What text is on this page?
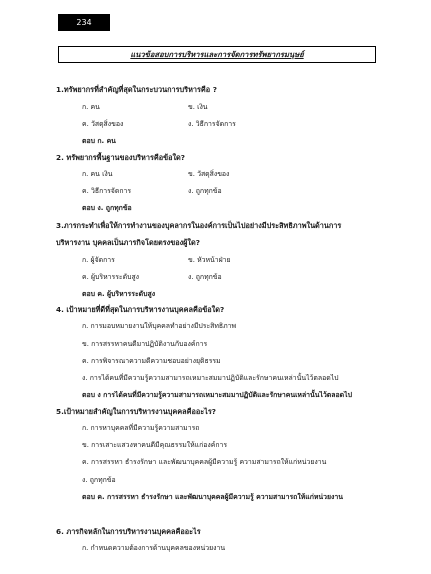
234
แนวข้อสอบการบริหารและการจัดการทรัพยากรมนุษย์
1.ทรัพยากรที่สำคัญที่สุดในกระบวนการบริหารคือ ?
ก. คน	ข. เงิน
ค. วัสดุสิ่งของ	ง. วิธีการจัดการ
ตอบ ก. คน
2. ทรัพยากรพื้นฐานของบริหารคือข้อใด?
ก. คน เงิน	ข. วัสดุสิ่งของ
ค. วิธีการจัดการ	ง. ถูกทุกข้อ
ตอบ ง. ถูกทุกข้อ
3.ภารกระทำเพื่อให้การทำงานของบุคลากรในองค์การเป็นไปอย่างมีประสิทธิภาพในด้านการ
บริหารงาน บุคคลเป็นภารกิจโดยตรงของผู้ใด?
ก. ผู้จัดการ	ข. หัวหน้าฝ่าย
ค. ผู้บริหารระดับสูง	ง. ถูกทุกข้อ
ตอบ ค. ผู้บริหารระดับสูง
4. เป้าหมายที่ดีที่สุดในการบริหารงานบุคคลคือข้อใด?
ก. การมอบหมายงานให้บุคคลทำอย่างมีประสิทธิภาพ
ข. การสรรหาคนดีมาปฏิบัติงานกับองค์การ
ค. การพิจารณาความดีความชอบอย่างยุติธรรม
ง. การได้คนที่มีความรู้ความสามารถเหมาะสมมาปฏิบัติและรักษาคนเหล่านั้นไว้ตลอดไป
ตอบ ง การได้คนที่มีความรู้ความสามารถเหมาะสมมาปฏิบัติและรักษาคนเหล่านั้นไว้ตลอดไป
5.เป้าหมายสำคัญในการบริหารงานบุคคลคืออะไร?
ก. การหาบุคคลที่มีความรู้ความสามารถ
ข. การเสาะแสวงหาคนดีมีคุณธรรมให้แก่องค์การ
ค. การสรรหา ธำรงรักษา และพัฒนาบุคคลผู้มีความรู้ ความสามารถให้แก่หน่วยงาน
ง. ถูกทุกข้อ
ตอบ ค. การสรรหา ธำรงรักษา และพัฒนาบุคคลผู้มีความรู้ ความสามารถให้แก่หน่วยงาน
6. ภารกิจหลักในการบริหารงานบุคคลคืออะไร
ก. กำหนดความต้องการด้านบุคคลของหน่วยงาน
